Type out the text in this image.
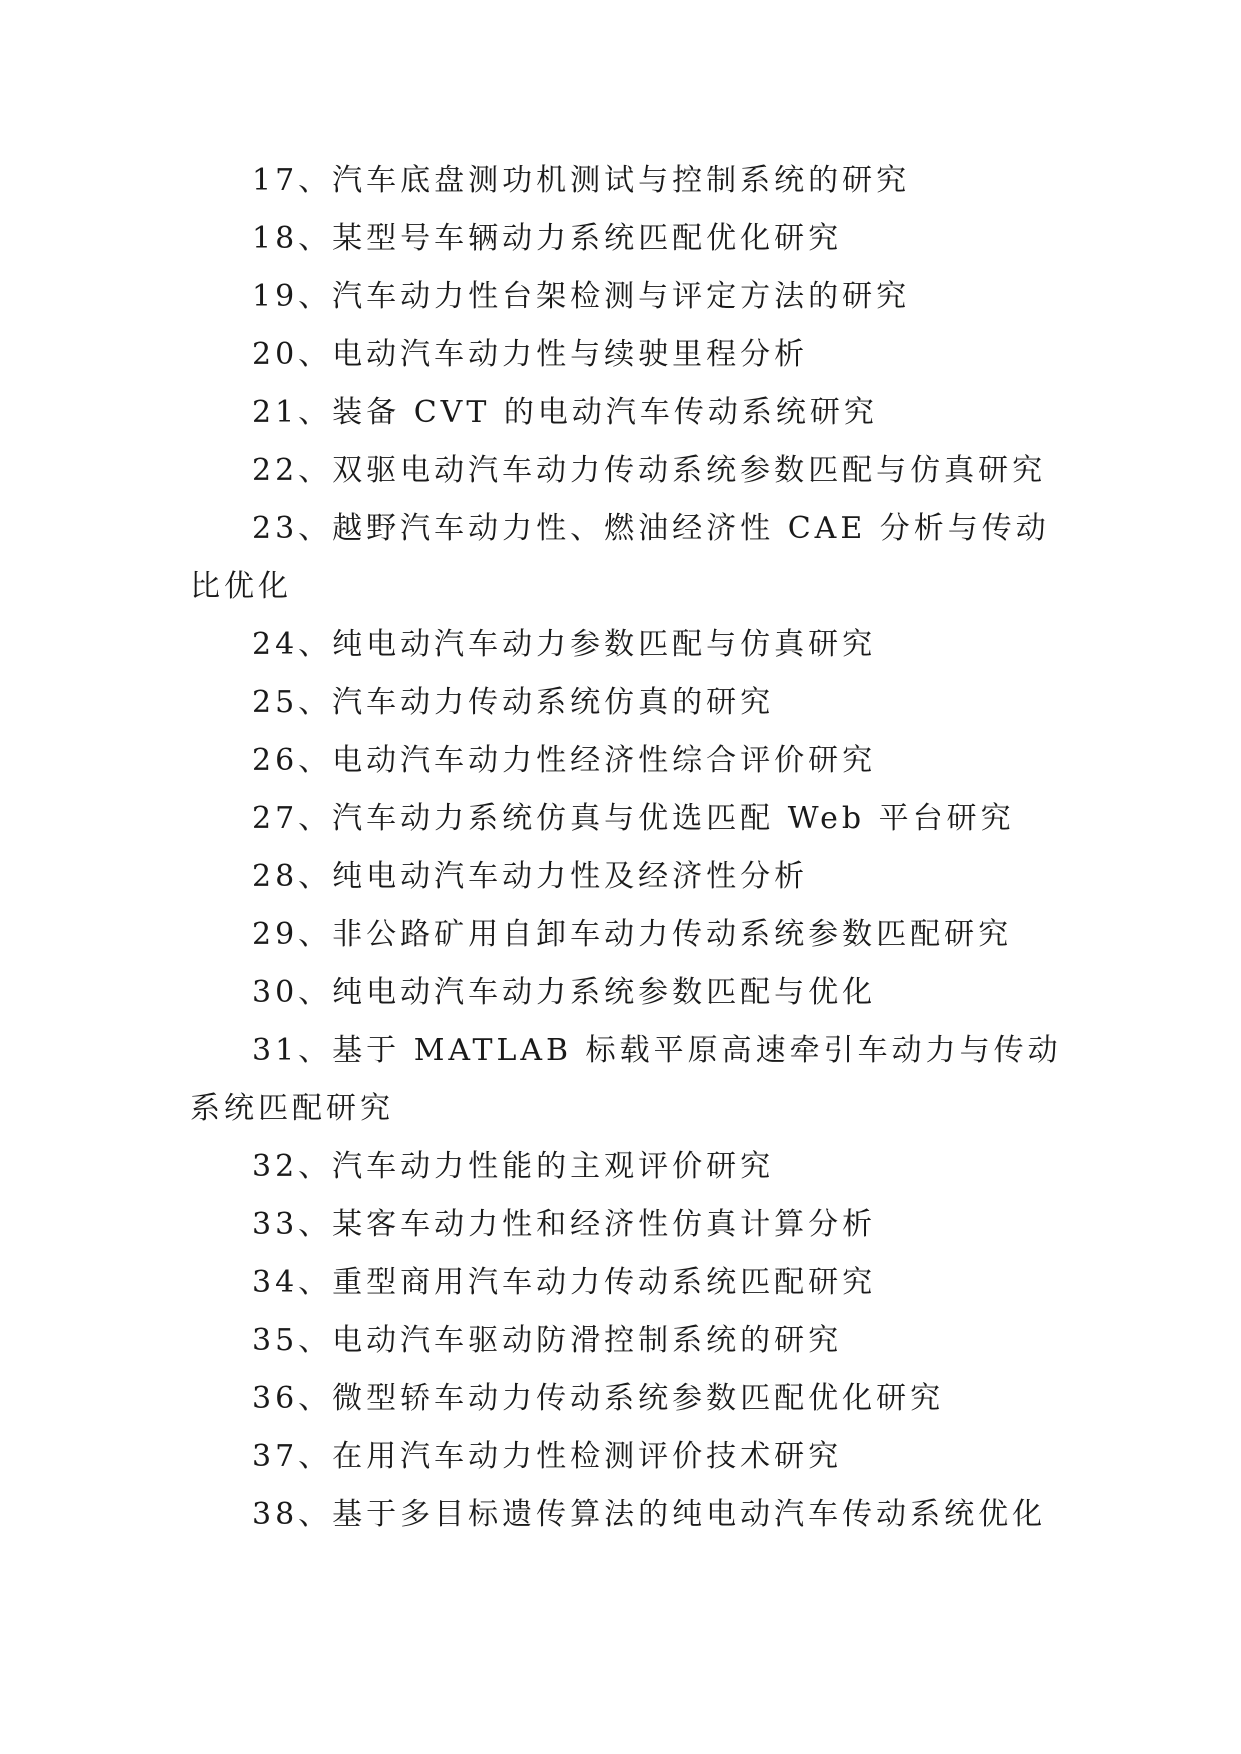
17、汽车底盘测功机测试与控制系统的研究

18、某型号车辆动力系统匹配优化研究

19、汽车动力性台架检测与评定方法的研究

20、电动汽车动力性与续驶里程分析

21、装备 CVT 的电动汽车传动系统研究

22、双驱电动汽车动力传动系统参数匹配与仿真研究

23、越野汽车动力性、燃油经济性 CAE 分析与传动比优化

24、纯电动汽车动力参数匹配与仿真研究

25、汽车动力传动系统仿真的研究

26、电动汽车动力性经济性综合评价研究

27、汽车动力系统仿真与优选匹配 Web 平台研究

28、纯电动汽车动力性及经济性分析

29、非公路矿用自卸车动力传动系统参数匹配研究

30、纯电动汽车动力系统参数匹配与优化

31、基于 MATLAB 标载平原高速牵引车动力与传动系统匹配研究

32、汽车动力性能的主观评价研究

33、某客车动力性和经济性仿真计算分析

34、重型商用汽车动力传动系统匹配研究

35、电动汽车驱动防滑控制系统的研究

36、微型轿车动力传动系统参数匹配优化研究

37、在用汽车动力性检测评价技术研究

38、基于多目标遗传算法的纯电动汽车传动系统优化
